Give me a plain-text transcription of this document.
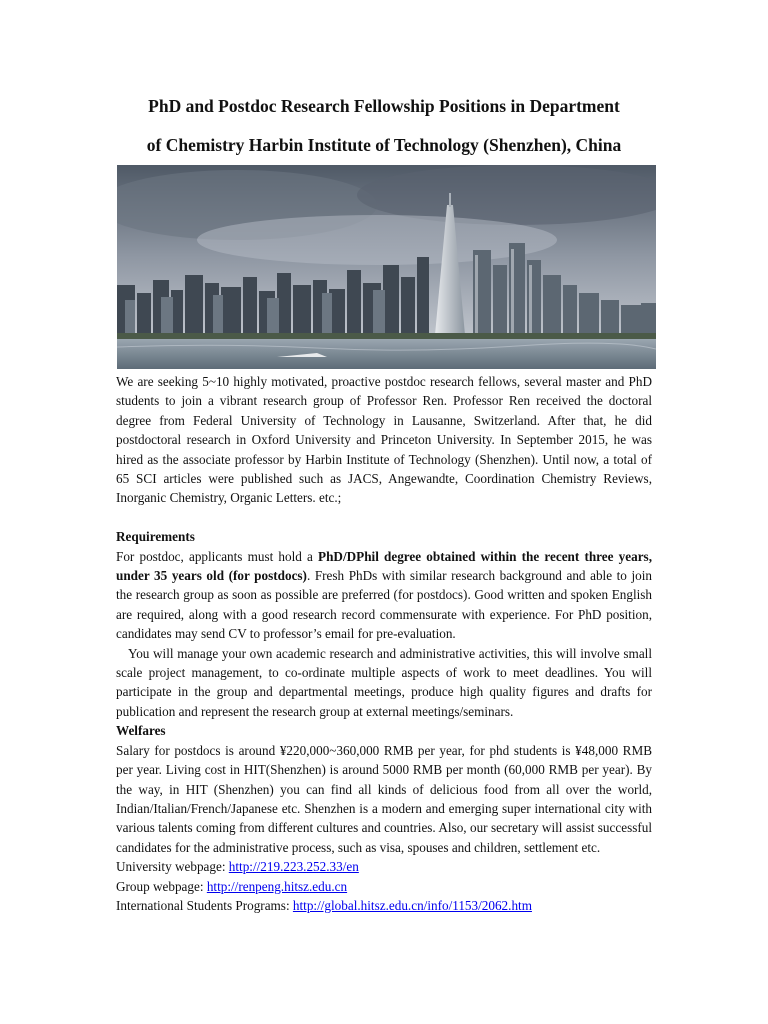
PhD and Postdoc Research Fellowship Positions in Department
of Chemistry Harbin Institute of Technology (Shenzhen), China

We are seeking 5~10 highly motivated, proactive postdoc research fellows, several master and PhD students to join a vibrant research group of Professor Ren. Professor Ren received the doctoral degree from Federal University of Technology in Lausanne, Switzerland. After that, he did postdoctoral research in Oxford University and Princeton University. In September 2015, he was hired as the associate professor by Harbin Institute of Technology (Shenzhen). Until now, a total of 65 SCI articles were published such as JACS, Angewandte, Coordination Chemistry Reviews, Inorganic Chemistry, Organic Letters. etc.;

Requirements

For postdoc, applicants must hold a PhD/DPhil degree obtained within the recent three years, under 35 years old (for postdocs). Fresh PhDs with similar research background and able to join the research group as soon as possible are preferred (for postdocs). Good written and spoken English are required, along with a good research record commensurate with experience. For PhD position, candidates may send CV to professor’s email for pre-evaluation.

You will manage your own academic research and administrative activities, this will involve small scale project management, to co-ordinate multiple aspects of work to meet deadlines. You will participate in the group and departmental meetings, produce high quality figures and drafts for publication and represent the research group at external meetings/seminars.

Welfares

Salary for postdocs is around ¥220,000~360,000 RMB per year, for phd students is ¥48,000 RMB per year. Living cost in HIT(Shenzhen) is around 5000 RMB per month (60,000 RMB per year). By the way, in HIT (Shenzhen) you can find all kinds of delicious food from all over the world, Indian/Italian/French/Japanese etc. Shenzhen is a modern and emerging super international city with various talents coming from different cultures and countries. Also, our secretary will assist successful candidates for the administrative process, such as visa, spouses and children, settlement etc.

University webpage: http://219.223.252.33/en

Group webpage: http://renpeng.hitsz.edu.cn

International Students Programs: http://global.hitsz.edu.cn/info/1153/2062.htm
